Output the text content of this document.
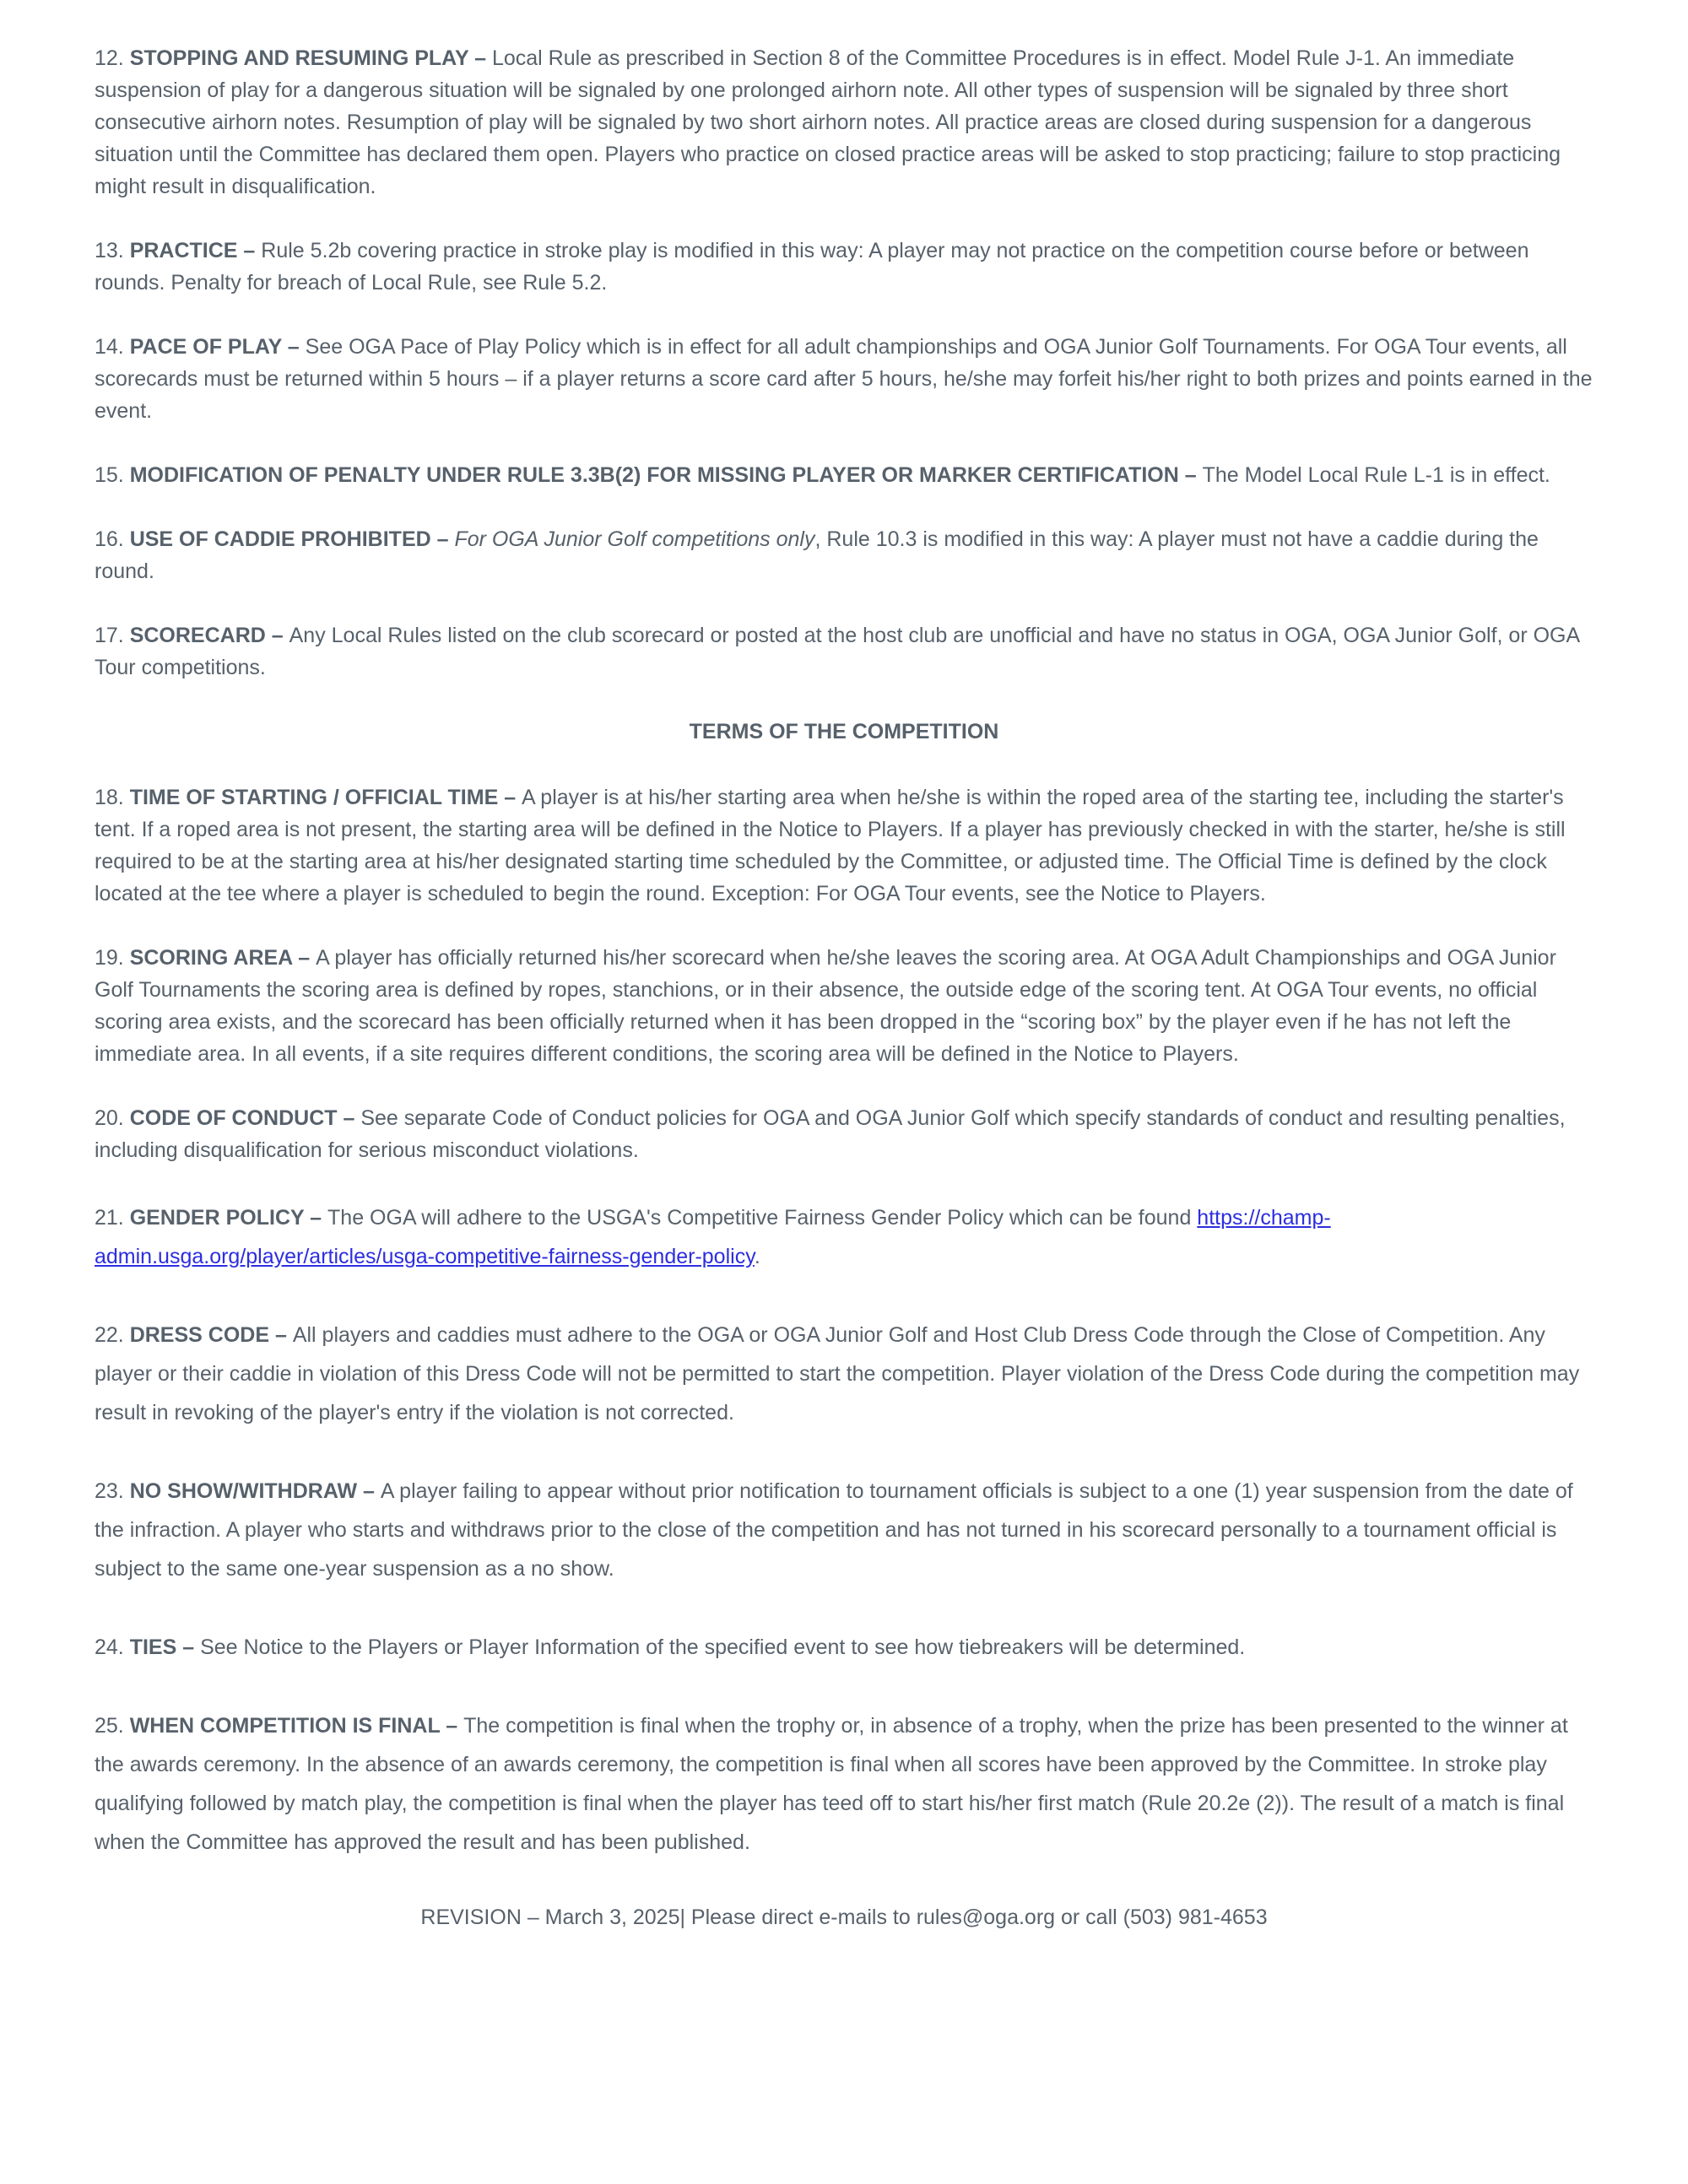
12. STOPPING AND RESUMING PLAY – Local Rule as prescribed in Section 8 of the Committee Procedures is in effect. Model Rule J-1. An immediate suspension of play for a dangerous situation will be signaled by one prolonged airhorn note. All other types of suspension will be signaled by three short consecutive airhorn notes. Resumption of play will be signaled by two short airhorn notes. All practice areas are closed during suspension for a dangerous situation until the Committee has declared them open. Players who practice on closed practice areas will be asked to stop practicing; failure to stop practicing might result in disqualification.

13. PRACTICE – Rule 5.2b covering practice in stroke play is modified in this way: A player may not practice on the competition course before or between rounds. Penalty for breach of Local Rule, see Rule 5.2.

14. PACE OF PLAY – See OGA Pace of Play Policy which is in effect for all adult championships and OGA Junior Golf Tournaments. For OGA Tour events, all scorecards must be returned within 5 hours – if a player returns a score card after 5 hours, he/she may forfeit his/her right to both prizes and points earned in the event.

15. MODIFICATION OF PENALTY UNDER RULE 3.3B(2) FOR MISSING PLAYER OR MARKER CERTIFICATION – The Model Local Rule L-1 is in effect.

16. USE OF CADDIE PROHIBITED – For OGA Junior Golf competitions only, Rule 10.3 is modified in this way: A player must not have a caddie during the round.

17. SCORECARD – Any Local Rules listed on the club scorecard or posted at the host club are unofficial and have no status in OGA, OGA Junior Golf, or OGA Tour competitions.

TERMS OF THE COMPETITION

18. TIME OF STARTING / OFFICIAL TIME – A player is at his/her starting area when he/she is within the roped area of the starting tee, including the starter's tent. If a roped area is not present, the starting area will be defined in the Notice to Players. If a player has previously checked in with the starter, he/she is still required to be at the starting area at his/her designated starting time scheduled by the Committee, or adjusted time. The Official Time is defined by the clock located at the tee where a player is scheduled to begin the round. Exception: For OGA Tour events, see the Notice to Players.

19. SCORING AREA – A player has officially returned his/her scorecard when he/she leaves the scoring area. At OGA Adult Championships and OGA Junior Golf Tournaments the scoring area is defined by ropes, stanchions, or in their absence, the outside edge of the scoring tent. At OGA Tour events, no official scoring area exists, and the scorecard has been officially returned when it has been dropped in the “scoring box” by the player even if he has not left the immediate area. In all events, if a site requires different conditions, the scoring area will be defined in the Notice to Players.

20. CODE OF CONDUCT – See separate Code of Conduct policies for OGA and OGA Junior Golf which specify standards of conduct and resulting penalties, including disqualification for serious misconduct violations.

21. GENDER POLICY – The OGA will adhere to the USGA's Competitive Fairness Gender Policy which can be found https://champ-admin.usga.org/player/articles/usga-competitive-fairness-gender-policy.

22. DRESS CODE – All players and caddies must adhere to the OGA or OGA Junior Golf and Host Club Dress Code through the Close of Competition. Any player or their caddie in violation of this Dress Code will not be permitted to start the competition. Player violation of the Dress Code during the competition may result in revoking of the player's entry if the violation is not corrected.

23. NO SHOW/WITHDRAW – A player failing to appear without prior notification to tournament officials is subject to a one (1) year suspension from the date of the infraction. A player who starts and withdraws prior to the close of the competition and has not turned in his scorecard personally to a tournament official is subject to the same one-year suspension as a no show.

24. TIES – See Notice to the Players or Player Information of the specified event to see how tiebreakers will be determined.

25. WHEN COMPETITION IS FINAL – The competition is final when the trophy or, in absence of a trophy, when the prize has been presented to the winner at the awards ceremony. In the absence of an awards ceremony, the competition is final when all scores have been approved by the Committee. In stroke play qualifying followed by match play, the competition is final when the player has teed off to start his/her first match (Rule 20.2e (2)). The result of a match is final when the Committee has approved the result and has been published.

REVISION – March 3, 2025| Please direct e-mails to rules@oga.org or call (503) 981-4653
